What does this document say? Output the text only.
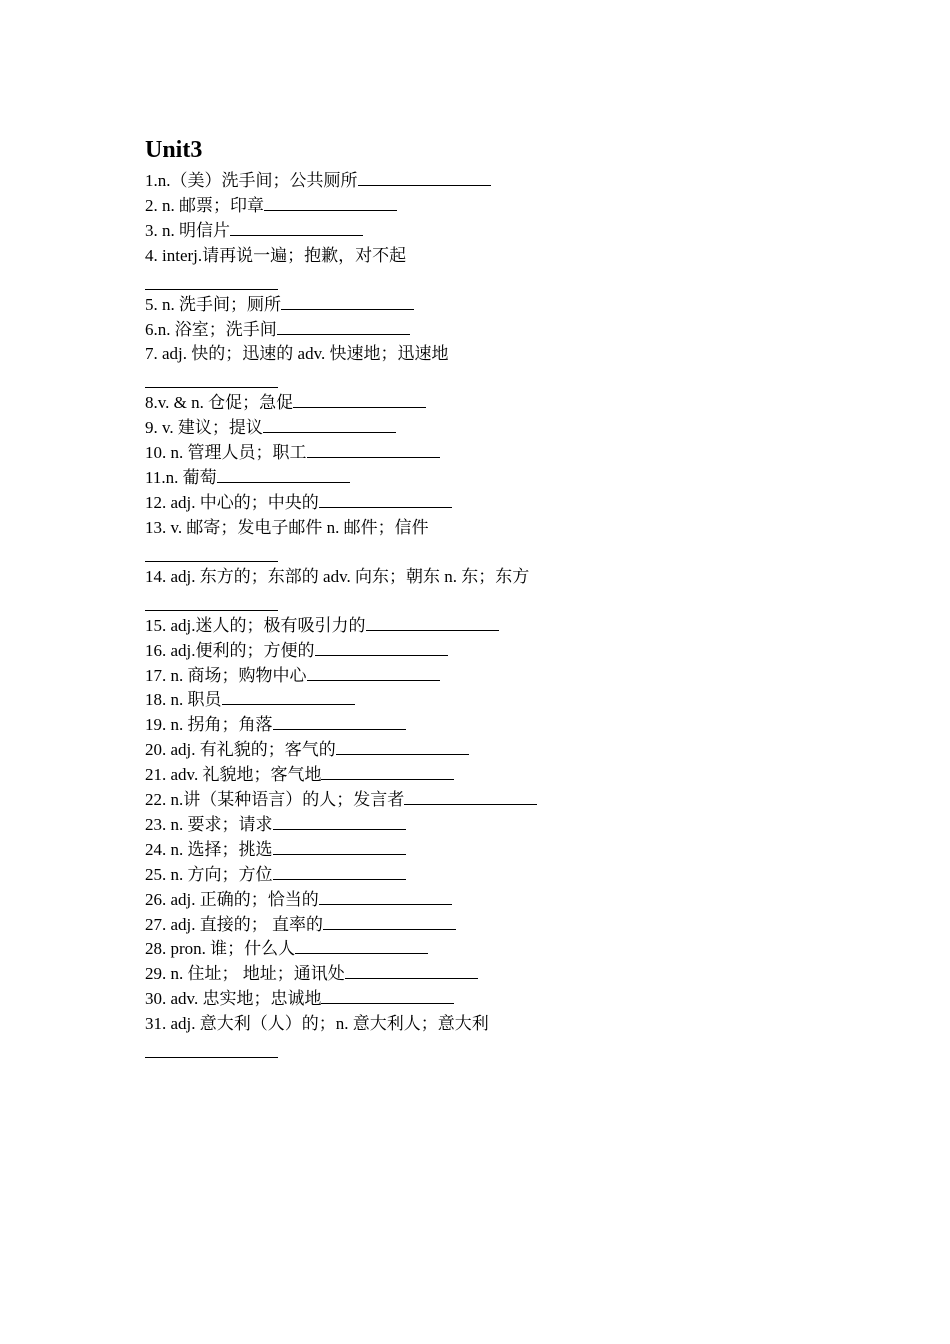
Unit3
1.n.（美）洗手间；公共厕所
2. n. 邮票；印章
3. n. 明信片
4. interj.请再说一遍；抱歉，对不起
5. n. 洗手间；厕所
6.n. 浴室；洗手间
7. adj. 快的；迅速的 adv. 快速地；迅速地
8.v. & n. 仓促；急促
9. v. 建议；提议
10. n. 管理人员；职工
11.n. 葡萄
12. adj. 中心的；中央的
13. v. 邮寄；发电子邮件 n. 邮件；信件
14. adj. 东方的；东部的 adv. 向东；朝东 n. 东；东方
15. adj.迷人的；极有吸引力的
16. adj.便利的；方便的
17. n. 商场；购物中心
18. n. 职员
19. n. 拐角；角落
20. adj. 有礼貌的；客气的
21. adv. 礼貌地；客气地
22. n.讲（某种语言）的人；发言者
23. n. 要求；请求
24. n. 选择；挑选
25. n. 方向；方位
26. adj. 正确的；恰当的
27. adj. 直接的； 直率的
28. pron. 谁；什么人
29. n. 住址； 地址；通讯处
30. adv. 忠实地；忠诚地
31. adj. 意大利（人）的；n. 意大利人；意大利
